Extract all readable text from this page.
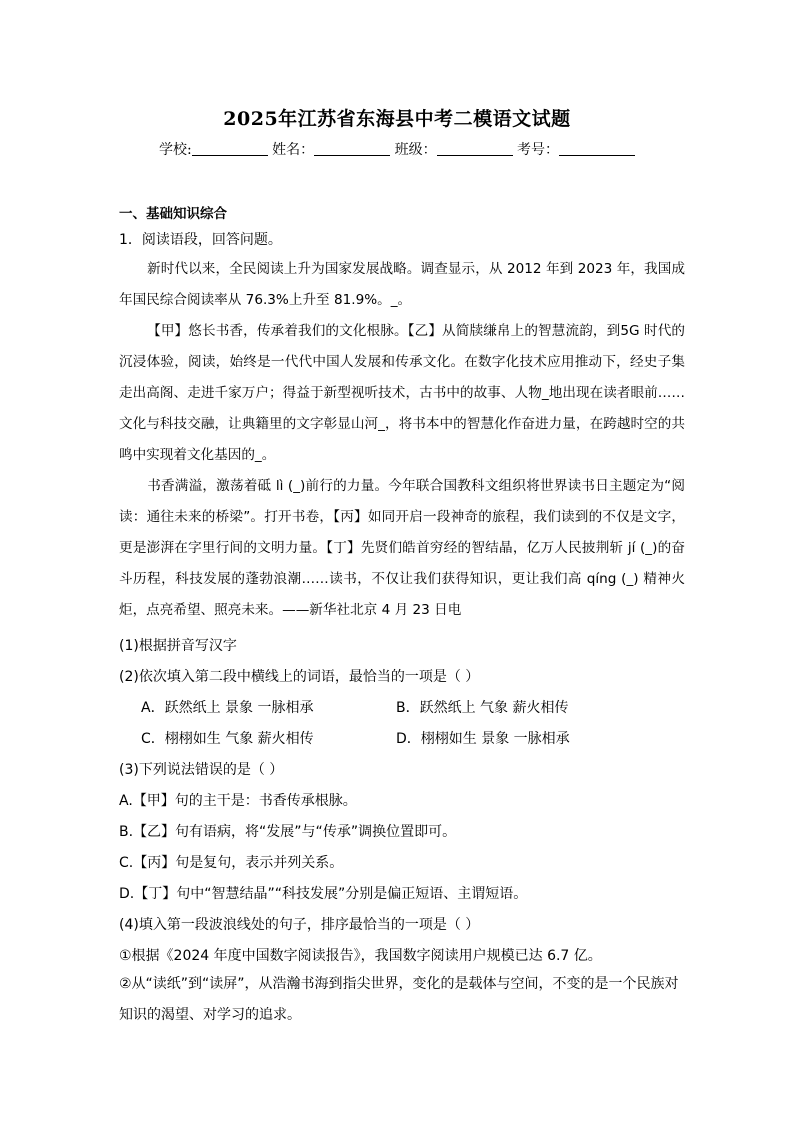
2025年江苏省东海县中考二模语文试题
学校:	姓名：	班级：	考号：
一、基础知识综合
1．阅读语段，回答问题。
新时代以来，全民阅读上升为国家发展战略。调查显示，从 2012 年到 2023 年，我国成年国民综合阅读率从 76.3%上升至 81.9%。_。
【甲】悠长书香，传承着我们的文化根脉。【乙】从简牍缣帛上的智慧流韵，到5G 时代的沉浸体验，阅读，始终是一代代中国人发展和传承文化。在数字化技术应用推动下，经史子集走出高阁、走进千家万户；得益于新型视听技术，古书中的故事、人物_地出现在读者眼前……文化与科技交融，让典籍里的文字彰显山河_，将书本中的智慧化作奋进力量，在跨越时空的共鸣中实现着文化基因的_。
书香满溢，激荡着砥 lì (_)前行的力量。今年联合国教科文组织将世界读书日主题定为“阅读：通往未来的桥梁”。打开书卷，【丙】如同开启一段神奇的旅程，我们读到的不仅是文字，更是澎湃在字里行间的文明力量。【丁】先贤们皓首穷经的智结晶，亿万人民披荆斩 jí (_)的奋斗历程，科技发展的蓬勃浪潮……读书，不仅让我们获得知识，更让我们高 qíng (_) 精神火炬，点亮希望、照亮未来。——新华社北京 4 月 23 日电
(1)根据拼音写汉字
(2)依次填入第二段中横线上的词语，最恰当的一项是（ ）
A．跃然纸上 景象 一脉相承	B．跃然纸上 气象 薪火相传
C．栩栩如生 气象 薪火相传	D．栩栩如生 景象 一脉相承
(3)下列说法错误的是（ ）
A.【甲】句的主干是：书香传承根脉。
B.【乙】句有语病，将“发展”与“传承”调换位置即可。
C.【丙】句是复句，表示并列关系。
D.【丁】句中“智慧结晶”“科技发展”分别是偏正短语、主谓短语。
(4)填入第一段波浪线处的句子，排序最恰当的一项是（ ）
①根据《2024 年度中国数字阅读报告》，我国数字阅读用户规模已达 6.7 亿。
②从“读纸”到“读屏”，从浩瀚书海到指尖世界，变化的是载体与空间，不变的是一个民族对知识的渴望、对学习的追求。
